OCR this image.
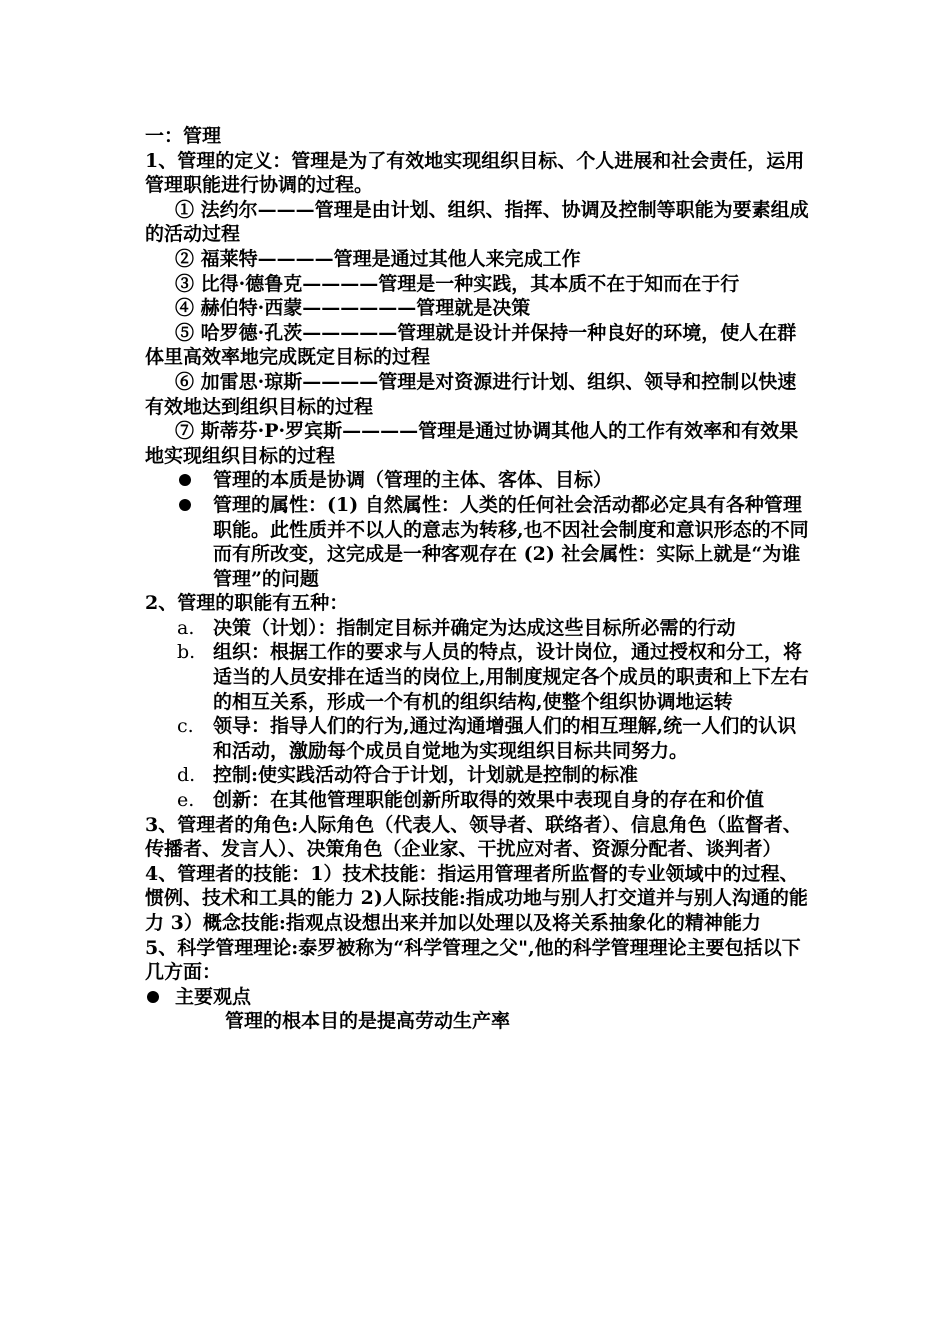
一：管理

1、管理的定义：管理是为了有效地实现组织目标、个人进展和社会责任，运用管理职能进行协调的过程。

① 法约尔———管理是由计划、组织、指挥、协调及控制等职能为要素组成的活动过程

② 福莱特————管理是通过其他人来完成工作

③ 比得·德鲁克————管理是一种实践，其本质不在于知而在于行

④ 赫伯特·西蒙——————管理就是决策

⑤ 哈罗德·孔茨—————管理就是设计并保持一种良好的环境，使人在群体里高效率地完成既定目标的过程

⑥ 加雷思·琼斯————管理是对资源进行计划、组织、领导和控制以快速有效地达到组织目标的过程

⑦ 斯蒂芬·P·罗宾斯————管理是通过协调其他人的工作有效率和有效果地实现组织目标的过程

管理的本质是协调（管理的主体、客体、目标）

管理的属性：(1) 自然属性：人类的任何社会活动都必定具有各种管理职能。此性质并不以人的意志为转移,也不因社会制度和意识形态的不同而有所改变，这完成是一种客观存在 (2) 社会属性：实际上就是“为谁管理”的问题

2、管理的职能有五种：

a. 决策（计划）：指制定目标并确定为达成这些目标所必需的行动

b. 组织：根据工作的要求与人员的特点，设计岗位，通过授权和分工，将适当的人员安排在适当的岗位上,用制度规定各个成员的职责和上下左右的相互关系，形成一个有机的组织结构,使整个组织协调地运转

c. 领导：指导人们的行为,通过沟通增强人们的相互理解,统一人们的认识和活动，激励每个成员自觉地为实现组织目标共同努力。

d. 控制:使实践活动符合于计划，计划就是控制的标准

e. 创新：在其他管理职能创新所取得的效果中表现自身的存在和价值

3、管理者的角色:人际角色（代表人、领导者、联络者）、信息角色（监督者、传播者、发言人）、决策角色（企业家、干扰应对者、资源分配者、谈判者）

4、管理者的技能：1）技术技能：指运用管理者所监督的专业领域中的过程、惯例、技术和工具的能力 2)人际技能:指成功地与别人打交道并与别人沟通的能力 3）概念技能:指观点设想出来并加以处理以及将关系抽象化的精神能力

5、科学管理理论:泰罗被称为“科学管理之父",他的科学管理理论主要包括以下几方面：

主要观点

管理的根本目的是提高劳动生产率
